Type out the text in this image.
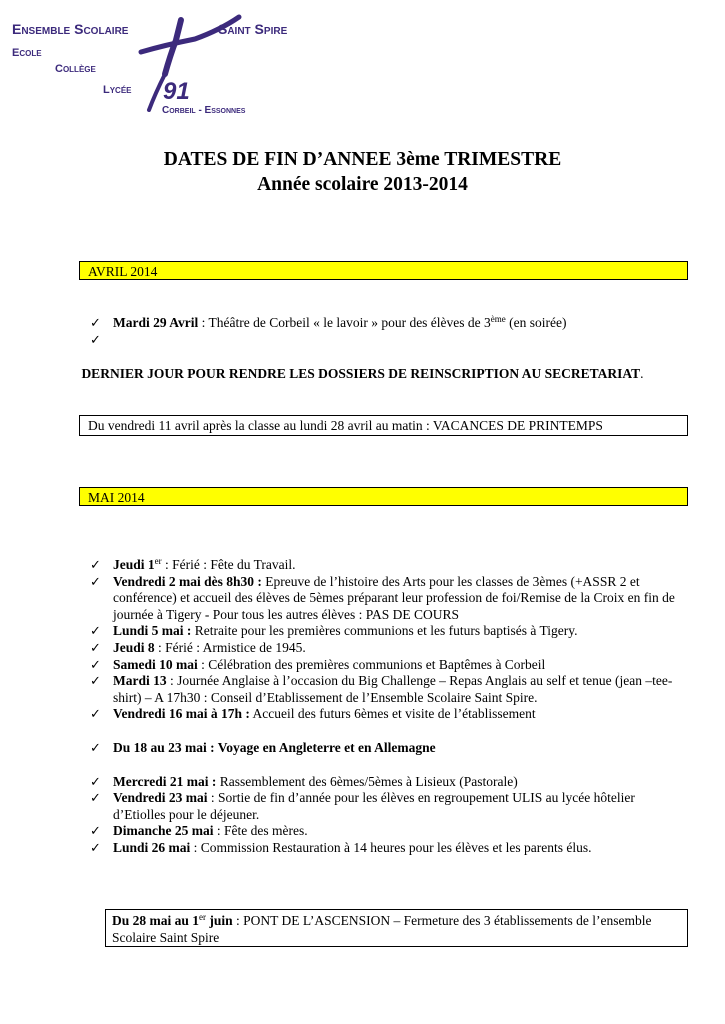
Ensemble Scolaire	Saint Spire
Ecole
Collège
Lycée 91
Corbeil - Essonnes
DATES DE FIN D’ANNEE 3ème TRIMESTRE
Année scolaire 2013-2014
AVRIL 2014
✓ Mardi 29 Avril : Théâtre de Corbeil « le lavoir » pour des élèves de 3ème (en soirée)
✓

DERNIER JOUR POUR RENDRE LES DOSSIERS DE REINSCRIPTION AU SECRETARIAT.
Du vendredi 11 avril après la classe au lundi 28 avril au matin : VACANCES DE PRINTEMPS
MAI 2014
✓ Jeudi 1er : Férié : Fête du Travail.
✓ Vendredi 2 mai dès 8h30 : Epreuve de l’histoire des Arts pour les classes de 3èmes (+ASSR 2 et conférence) et accueil des élèves de 5èmes préparant leur profession de foi/Remise de la Croix en fin de journée à Tigery - Pour tous les autres élèves : PAS DE COURS
✓ Lundi 5 mai : Retraite pour les premières communions et les futurs baptisés à Tigery.
✓ Jeudi 8 : Férié : Armistice de 1945.
✓ Samedi 10 mai : Célébration des premières communions et Baptêmes à Corbeil
✓ Mardi 13 : Journée Anglaise à l’occasion du Big Challenge – Repas Anglais au self et tenue (jean –tee-shirt) – A 17h30 : Conseil d’Etablissement de l’Ensemble Scolaire Saint Spire.
✓ Vendredi 16 mai à 17h : Accueil des futurs 6èmes et visite de l’établissement
✓ Du 18 au 23 mai : Voyage en Angleterre et en Allemagne
✓ Mercredi 21 mai : Rassemblement des 6èmes/5èmes à Lisieux (Pastorale)
✓ Vendredi 23 mai : Sortie de fin d’année pour les élèves en regroupement ULIS au lycée hôtelier d’Etiolles pour le déjeuner.
✓ Dimanche 25 mai : Fête des mères.
✓ Lundi 26 mai : Commission Restauration à 14 heures pour les élèves et les parents élus.
Du 28 mai au 1er juin : PONT DE L’ASCENSION – Fermeture des 3 établissements de l’ensemble Scolaire Saint Spire
